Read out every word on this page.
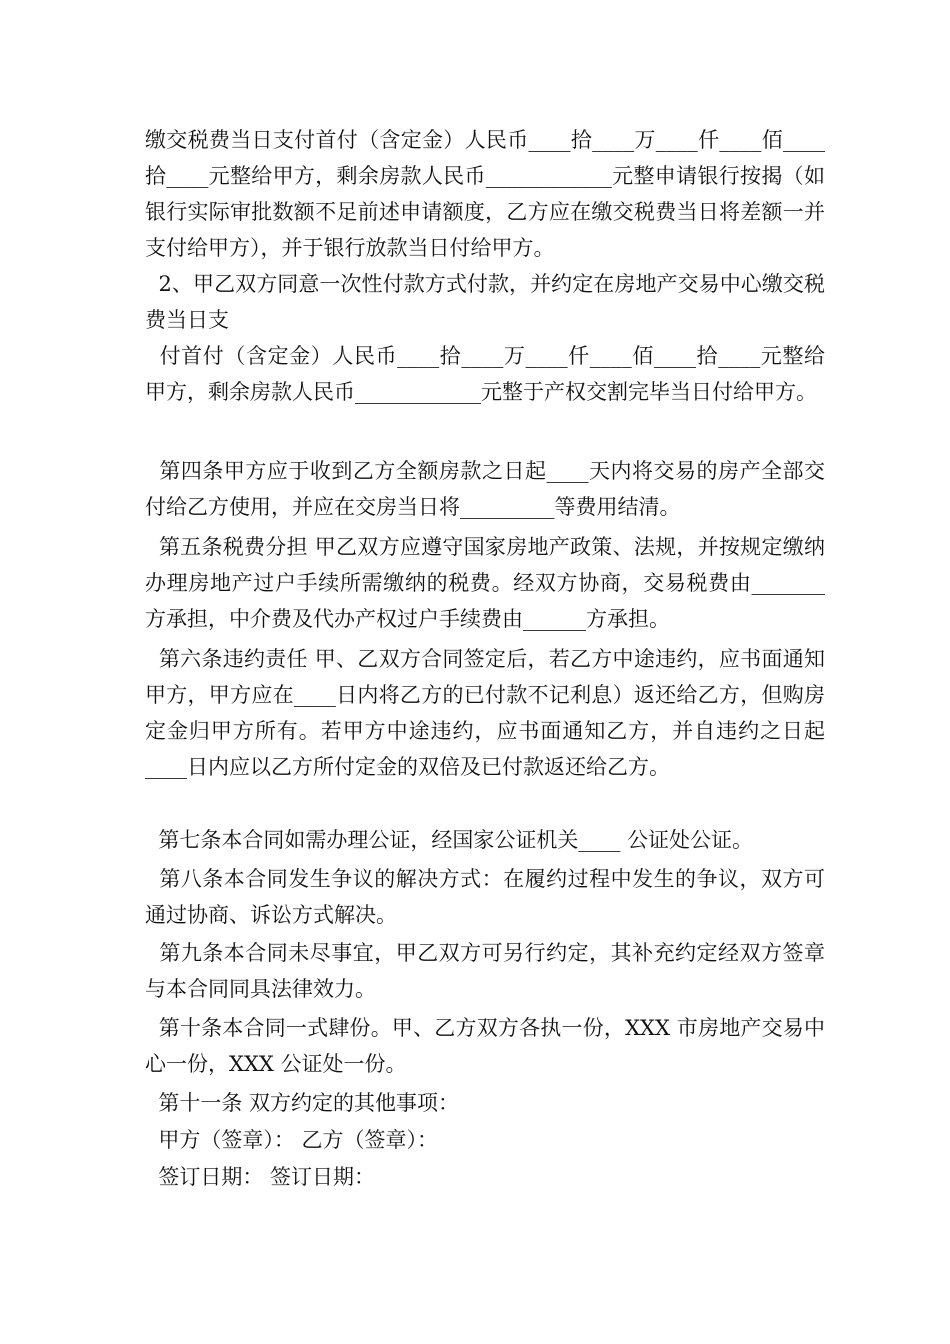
缴交税费当日支付首付（含定金）人民币____拾____万____仟____佰____拾____元整给甲方，剩余房款人民币____________元整申请银行按揭（如银行实际审批数额不足前述申请额度，乙方应在缴交税费当日将差额一并支付给甲方），并于银行放款当日付给甲方。

2、甲乙双方同意一次性付款方式付款，并约定在房地产交易中心缴交税费当日支

付首付（含定金）人民币____拾____万____仟____佰____拾____元整给甲方，剩余房款人民币____________元整于产权交割完毕当日付给甲方。

第四条甲方应于收到乙方全额房款之日起____天内将交易的房产全部交付给乙方使用，并应在交房当日将_________等费用结清。

第五条税费分担 甲乙双方应遵守国家房地产政策、法规，并按规定缴纳办理房地产过户手续所需缴纳的税费。经双方协商，交易税费由_______方承担，中介费及代办产权过户手续费由______方承担。

第六条违约责任 甲、乙双方合同签定后，若乙方中途违约，应书面通知甲方，甲方应在____日内将乙方的已付款不记利息）返还给乙方，但购房定金归甲方所有。若甲方中途违约，应书面通知乙方，并自违约之日起____日内应以乙方所付定金的双倍及已付款返还给乙方。

第七条本合同如需办理公证，经国家公证机关____ 公证处公证。

第八条本合同发生争议的解决方式：在履约过程中发生的争议，双方可通过协商、诉讼方式解决。

第九条本合同未尽事宜，甲乙双方可另行约定，其补充约定经双方签章与本合同同具法律效力。

第十条本合同一式肆份。甲、乙方双方各执一份，XXX 市房地产交易中心一份，XXX 公证处一份。

第十一条 双方约定的其他事项：

甲方（签章）： 乙方（签章）：

签订日期： 签订日期：
